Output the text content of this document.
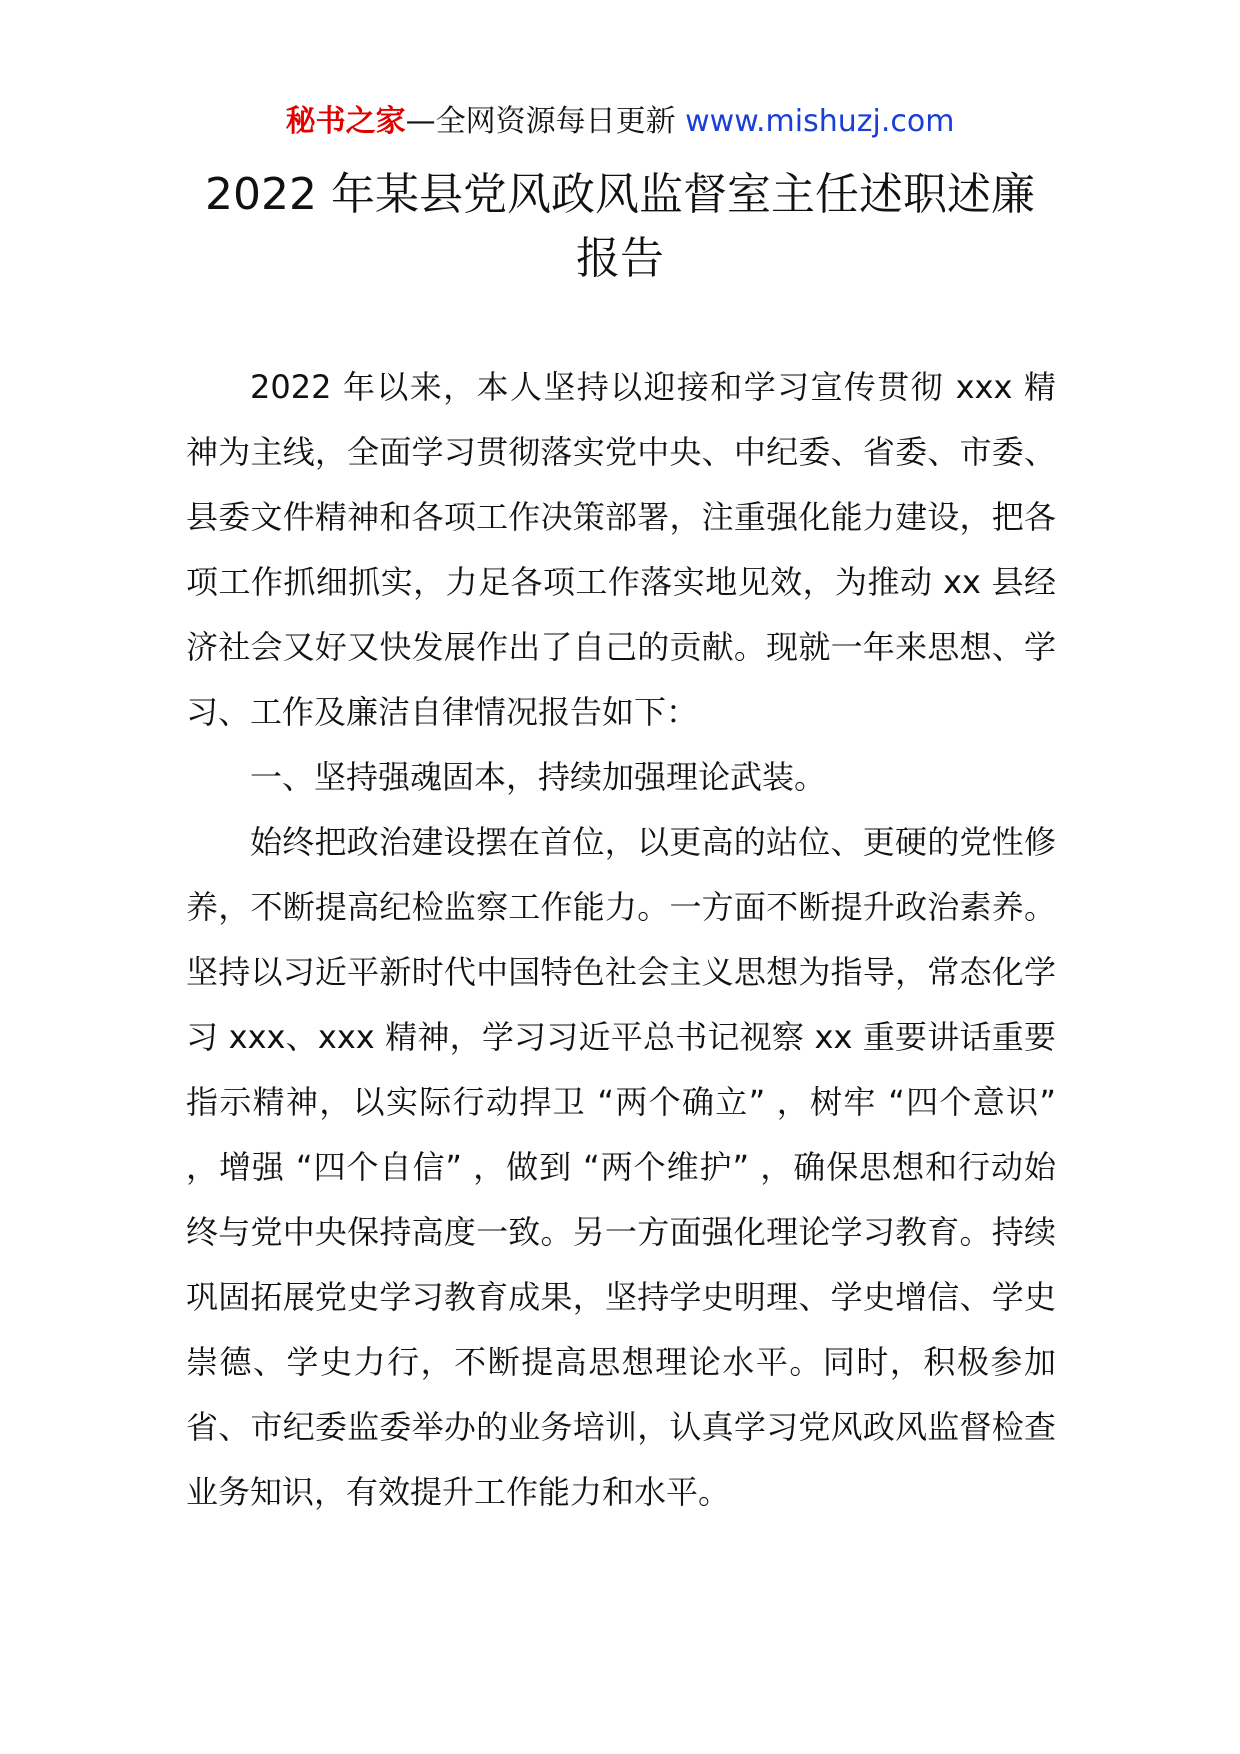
秘书之家—全网资源每日更新 www.mishuzj.com
2022 年某县党风政风监督室主任述职述廉
报告

2022 年以来，本人坚持以迎接和学习宣传贯彻 xxx 精神为主线，全面学习贯彻落实党中央、中纪委、省委、市委、县委文件精神和各项工作决策部署，注重强化能力建设，把各项工作抓细抓实，力足各项工作落实地见效，为推动 xx 县经济社会又好又快发展作出了自己的贡献。现就一年来思想、学习、工作及廉洁自律情况报告如下：

一、坚持强魂固本，持续加强理论武装。

始终把政治建设摆在首位，以更高的站位、更硬的党性修养，不断提高纪检监察工作能力。一方面不断提升政治素养。坚持以习近平新时代中国特色社会主义思想为指导，常态化学习 xxx、xxx 精神，学习习近平总书记视察 xx 重要讲话重要指示精神，以实际行动捍卫 “两个确立” ，树牢 “四个意识” ，增强 “四个自信” ，做到 “两个维护” ，确保思想和行动始终与党中央保持高度一致。另一方面强化理论学习教育。持续巩固拓展党史学习教育成果，坚持学史明理、学史增信、学史崇德、学史力行，不断提高思想理论水平。同时，积极参加省、市纪委监委举办的业务培训，认真学习党风政风监督检查业务知识，有效提升工作能力和水平。
